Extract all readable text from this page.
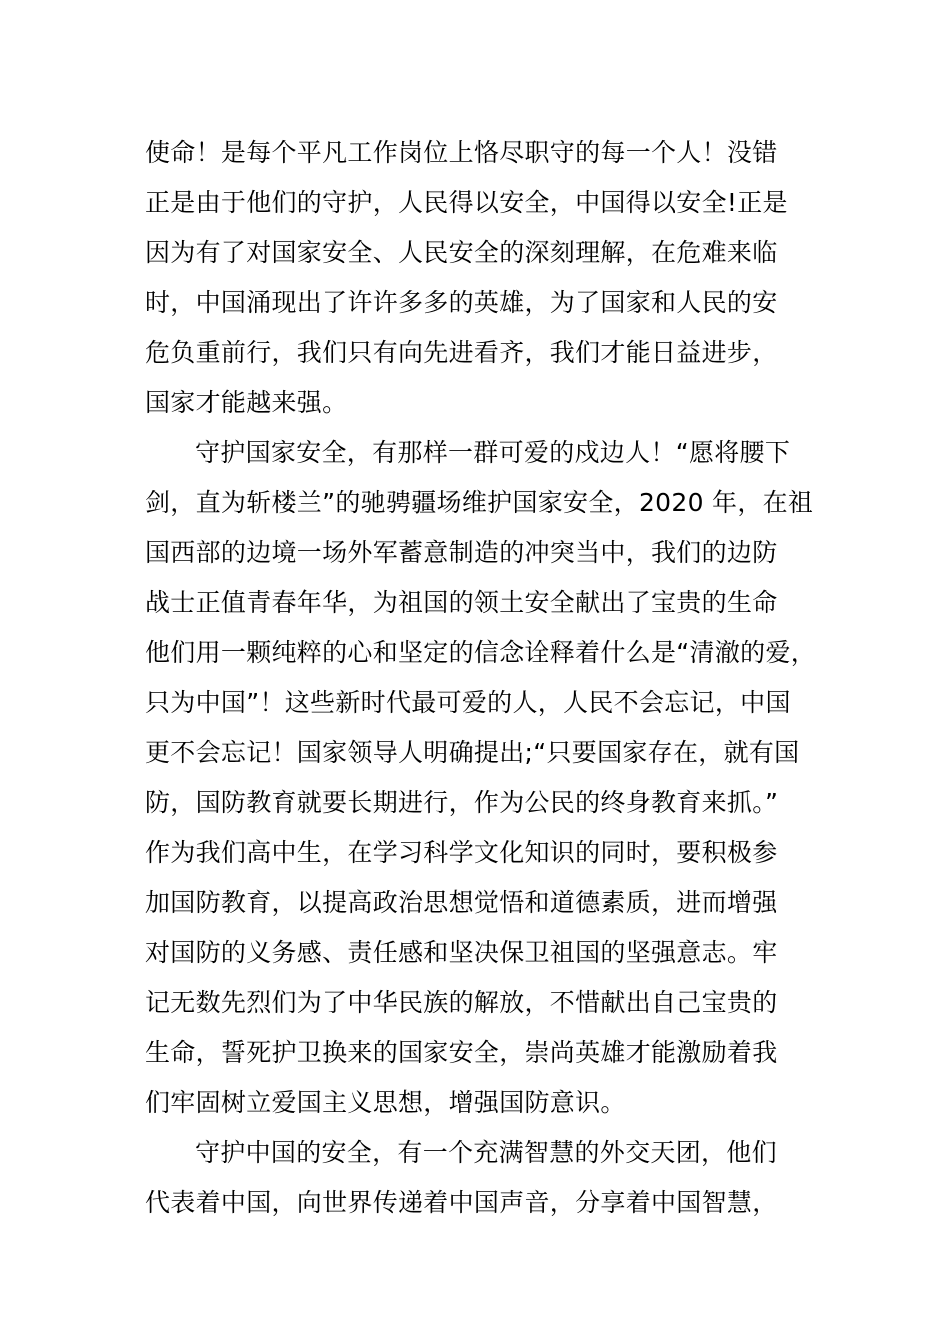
使命！是每个平凡工作岗位上恪尽职守的每一个人！没错
正是由于他们的守护，人民得以安全，中国得以安全!正是
因为有了对国家安全、人民安全的深刻理解，在危难来临
时，中国涌现出了许许多多的英雄，为了国家和人民的安
危负重前行，我们只有向先进看齐，我们才能日益进步，
国家才能越来强。
守护国家安全，有那样一群可爱的戍边人！“愿将腰下
剑，直为斩楼兰”的驰骋疆场维护国家安全，2020 年，在祖
国西部的边境一场外军蓄意制造的冲突当中，我们的边防
战士正值青春年华，为祖国的领土安全献出了宝贵的生命
他们用一颗纯粹的心和坚定的信念诠释着什么是“清澈的爱，
只为中国”！这些新时代最可爱的人，人民不会忘记，中国
更不会忘记！国家领导人明确提出;“只要国家存在，就有国
防，国防教育就要长期进行，作为公民的终身教育来抓。”
作为我们高中生，在学习科学文化知识的同时，要积极参
加国防教育，以提高政治思想觉悟和道德素质，进而增强
对国防的义务感、责任感和坚决保卫祖国的坚强意志。牢
记无数先烈们为了中华民族的解放，不惜献出自己宝贵的
生命，誓死护卫换来的国家安全，崇尚英雄才能激励着我
们牢固树立爱国主义思想，增强国防意识。
守护中国的安全，有一个充满智慧的外交天团，他们
代表着中国，向世界传递着中国声音，分享着中国智慧，
